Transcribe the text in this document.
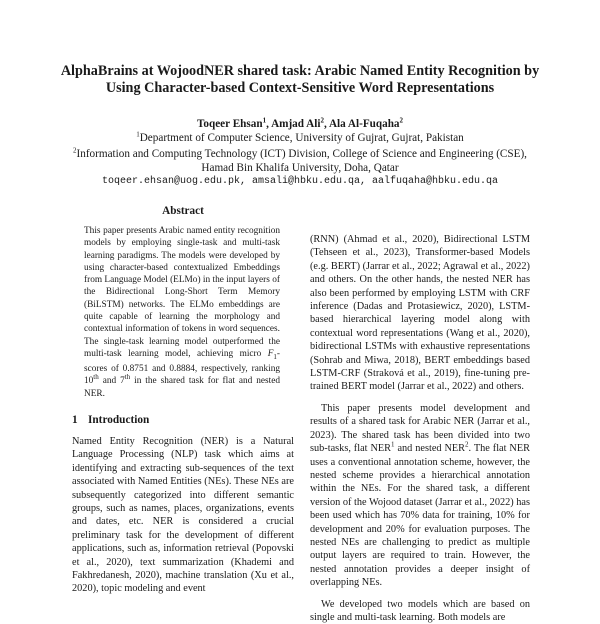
AlphaBrains at WojoodNER shared task: Arabic Named Entity Recognition by Using Character-based Context-Sensitive Word Representations
Toqeer Ehsan$^1$, Amjad Ali$^2$, Ala Al-Fuqaha$^2$
$^1$Department of Computer Science, University of Gujrat, Gujrat, Pakistan
$^2$Information and Computing Technology (ICT) Division, College of Science and Engineering (CSE),
Hamad Bin Khalifa University, Doha, Qatar
toqeer.ehsan@uog.edu.pk, amsali@hbku.edu.qa, aalfuqaha@hbku.edu.qa
Abstract

This paper presents Arabic named entity recognition models by employing single-task and multi-task learning paradigms. The models were developed by using character-based contextualized Embeddings from Language Model (ELMo) in the input layers of the Bidirectional Long-Short Term Memory (BiLSTM) networks. The ELMo embeddings are quite capable of learning the morphology and contextual information of tokens in word sequences. The single-task learning model outperformed the multi-task learning model, achieving micro $F_1$-scores of 0.8751 and 0.8884, respectively, ranking 10th and 7th in the shared task for flat and nested NER.

1 Introduction

Named Entity Recognition (NER) is a Natural Language Processing (NLP) task which aims at identifying and extracting sub-sequences of the text associated with Named Entities (NEs). These NEs are subsequently categorized into different semantic groups, such as names, places, organizations, events and dates, etc. NER is considered a crucial preliminary task for the development of different applications, such as, information retrieval (Popovski et al., 2020), text summarization (Khademi and Fakhredanesh, 2020), machine translation (Xu et al., 2020), topic modeling and event

(RNN) (Ahmad et al., 2020), Bidirectional LSTM (Tehseen et al., 2023), Transformer-based Models (e.g. BERT) (Jarrar et al., 2022; Agrawal et al., 2022) and others. On the other hands, the nested NER has also been performed by employing LSTM with CRF inference (Dadas and Protasiewicz, 2020), LSTM-based hierarchical layering model along with contextual word representations (Wang et al., 2020), bidirectional LSTMs with exhaustive representations (Sohrab and Miwa, 2018), BERT embeddings based LSTM-CRF (Straková et al., 2019), fine-tuning pre-trained BERT model (Jarrar et al., 2022) and others.

This paper presents model development and results of a shared task for Arabic NER (Jarrar et al., 2023). The shared task has been divided into two sub-tasks, flat NER$^1$ and nested NER$^2$. The flat NER uses a conventional annotation scheme, however, the nested scheme provides a hierarchical annotation within the NEs. For the shared task, a different version of the Wojood dataset (Jarrar et al., 2022) has been used which has 70% data for training, 10% for development and 20% for evaluation purposes. The nested NEs are challenging to predict as multiple output layers are required to train. However, the nested annotation provides a deeper insight of overlapping NEs.

We developed two models which are based on single and multi-task learning. Both models are
